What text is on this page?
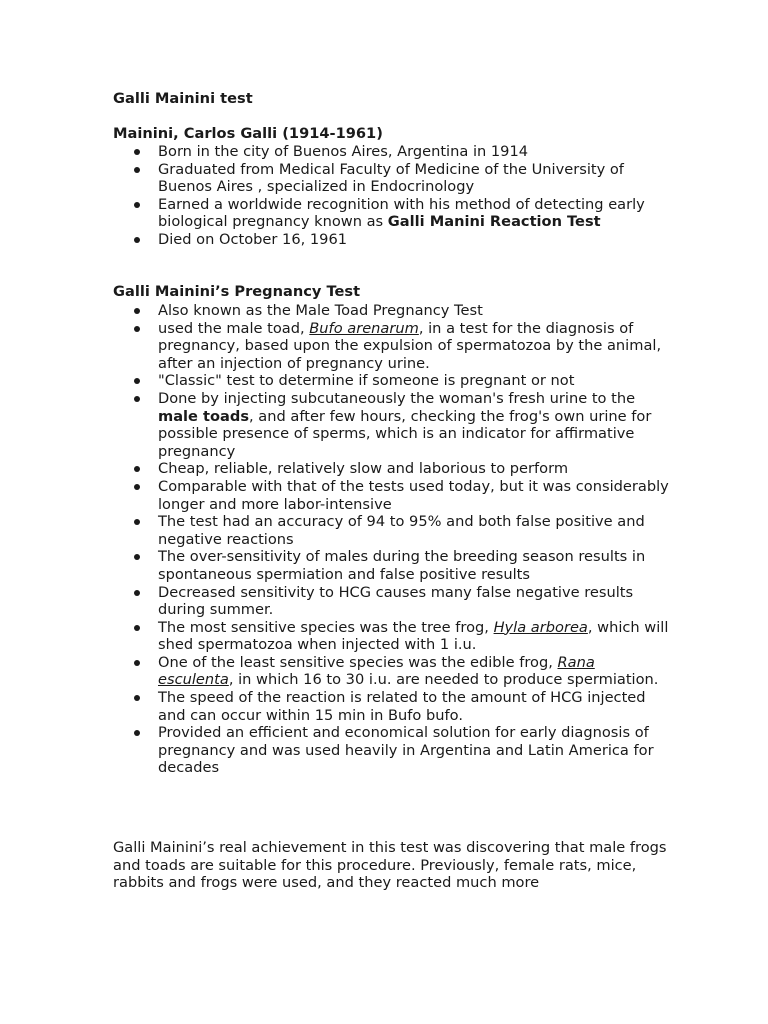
Galli Mainini test
Mainini, Carlos Galli (1914-1961)
Born in the city of Buenos Aires, Argentina in 1914
Graduated from Medical Faculty of Medicine of the University of Buenos Aires , specialized in Endocrinology
Earned a worldwide recognition with his method of detecting early biological pregnancy known as Galli Manini Reaction Test
Died on October 16, 1961
Galli Mainini’s Pregnancy Test
Also known as the Male Toad Pregnancy Test
used the male toad, Bufo arenarum, in a test for the diagnosis of pregnancy, based upon the expulsion of spermatozoa by the animal, after an injection of pregnancy urine.
"Classic" test to determine if someone is pregnant or not
Done by injecting subcutaneously the woman's fresh urine to the male toads, and after few hours, checking the frog's own urine for possible presence of sperms, which is an indicator for affirmative pregnancy
Cheap, reliable, relatively slow and laborious to perform
Comparable with that of the tests used today, but it was considerably longer and more labor-intensive
The test had an accuracy of 94 to 95% and both false positive and negative reactions
The over-sensitivity of males during the breeding season results in spontaneous spermiation and false positive results
Decreased sensitivity to HCG causes many false negative results during summer.
The most sensitive species was the tree frog, Hyla arborea, which will shed spermatozoa when injected with 1 i.u.
One of the least sensitive species was the edible frog, Rana esculenta, in which 16 to 30 i.u. are needed to produce spermiation.
The speed of the reaction is related to the amount of HCG injected and can occur within 15 min in Bufo bufo.
Provided an efficient and economical solution for early diagnosis of pregnancy and was used heavily in Argentina and Latin America for decades

Galli Mainini’s real achievement in this test was discovering that male frogs and toads are suitable for this procedure. Previously, female rats, mice, rabbits and frogs were used, and they reacted much more
